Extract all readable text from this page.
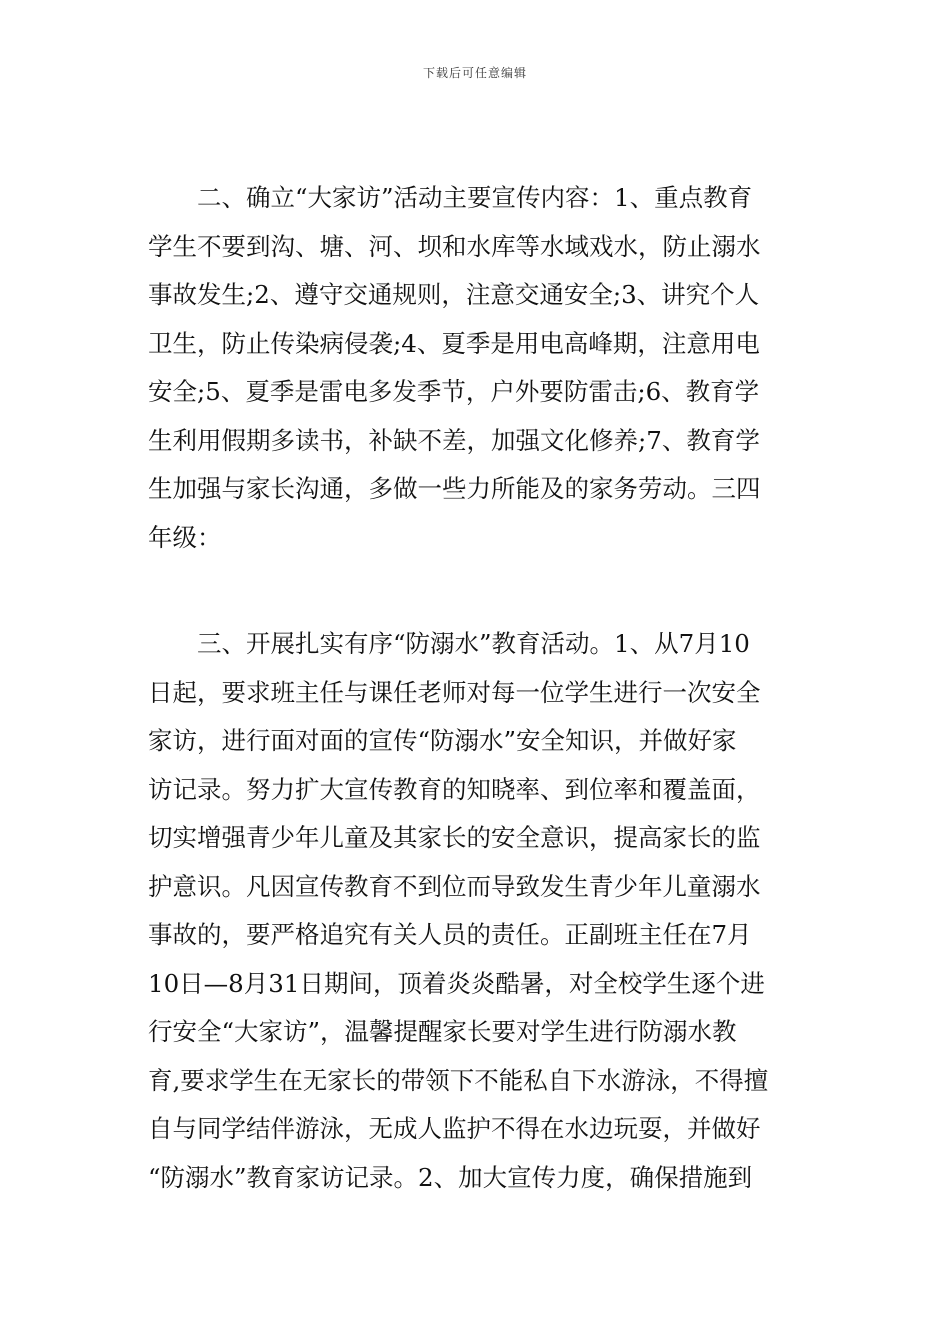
下载后可任意编辑
二、确立“大家访”活动主要宣传内容：1、重点教育
学生不要到沟、塘、河、坝和水库等水域戏水，防止溺水
事故发生;2、遵守交通规则，注意交通安全;3、讲究个人
卫生，防止传染病侵袭;4、夏季是用电高峰期，注意用电
安全;5、夏季是雷电多发季节，户外要防雷击;6、教育学
生利用假期多读书，补缺不差，加强文化修养;7、教育学
生加强与家长沟通，多做一些力所能及的家务劳动。三四
年级：
三、开展扎实有序“防溺水”教育活动。1、从7月10
日起，要求班主任与课任老师对每一位学生进行一次安全
家访，进行面对面的宣传“防溺水”安全知识，并做好家
访记录。努力扩大宣传教育的知晓率、到位率和覆盖面，
切实增强青少年儿童及其家长的安全意识，提高家长的监
护意识。凡因宣传教育不到位而导致发生青少年儿童溺水
事故的，要严格追究有关人员的责任。正副班主任在7月
10日—8月31日期间，顶着炎炎酷暑，对全校学生逐个进
行安全“大家访”，温馨提醒家长要对学生进行防溺水教
育,要求学生在无家长的带领下不能私自下水游泳，不得擅
自与同学结伴游泳，无成人监护不得在水边玩耍，并做好
“防溺水”教育家访记录。2、加大宣传力度，确保措施到
